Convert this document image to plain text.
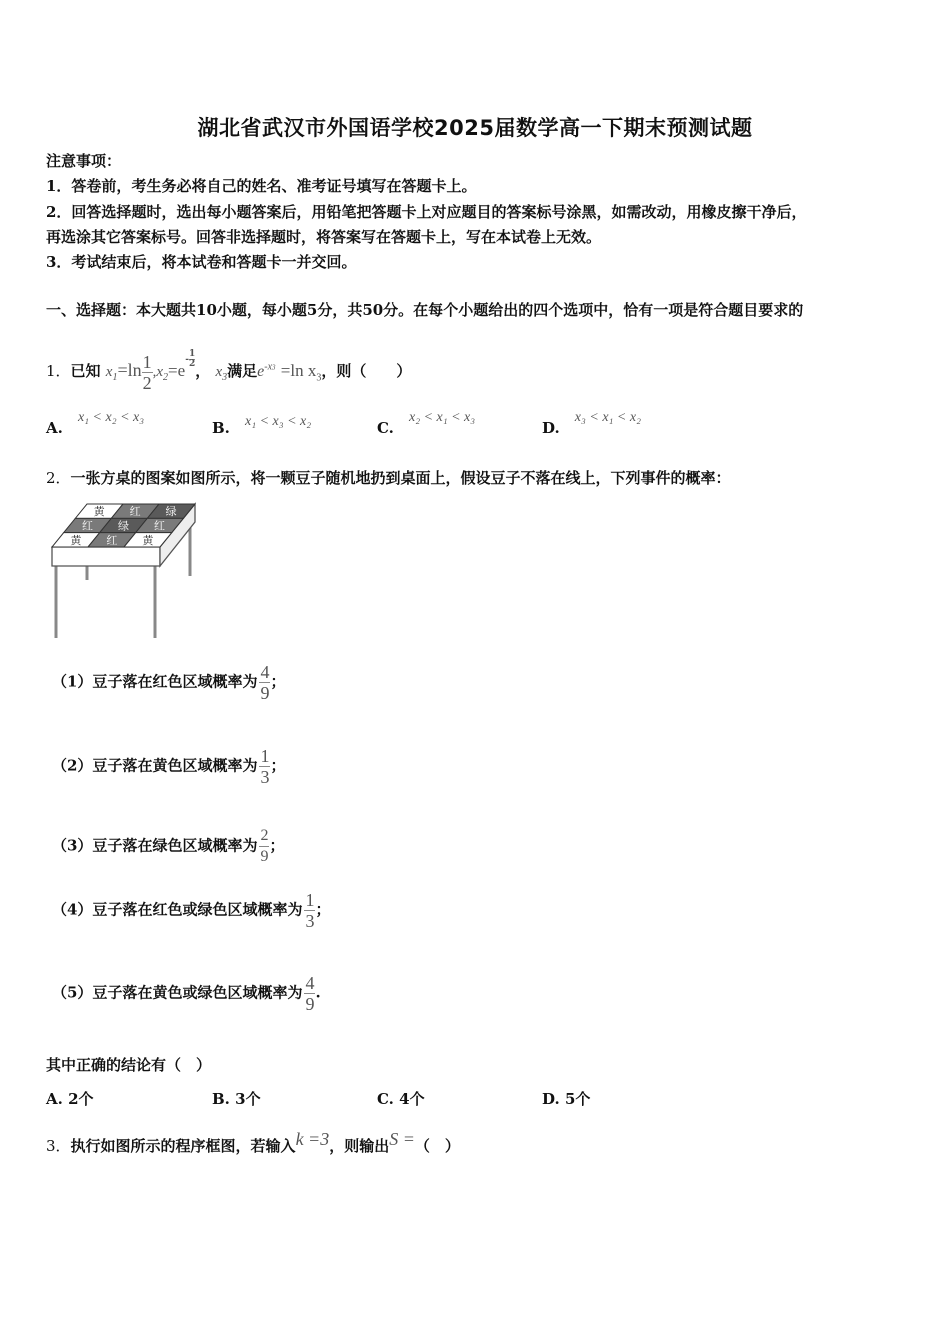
湖北省武汉市外国语学校2025届数学高一下期末预测试题
注意事项：
1．答卷前，考生务必将自己的姓名、准考证号填写在答题卡上。
2．回答选择题时，选出每小题答案后，用铅笔把答题卡上对应题目的答案标号涂黑，如需改动，用橡皮擦干净后，
再选涂其它答案标号。回答非选择题时，将答案写在答题卡上，写在本试卷上无效。
3．考试结束后，将本试卷和答题卡一并交回。
一、选择题：本大题共10小题，每小题5分，共50分。在每个小题给出的四个选项中，恰有一项是符合题目要求的
1．已知 $x_1=\ln \frac{1}{2} ,x_2=e- \frac{1}{2}$
， $x_3$满足$e^{-x3} =\ln$ $x_3$，则（　　）
A. x₁ < x₂ < x₃
B. x₁ < x₃ < x₂	C. x₂ < x₁ < x₃
D. x₃ < x₁ < x₂
2．一张方桌的图案如图所示，将一颗豆子随机地扔到桌面上，假设豆子不落在线上，下列事件的概率：
黄 红 绿
红 绿 红
黄 红 黄
（1）豆子落在红色区域概率为 $\frac{4}{9}$ ；
（2）豆子落在黄色区域概率为 $\frac{1}{3}$ ；
（3）豆子落在绿色区域概率为 $\frac{2}{9}$ ；
（4）豆子落在红色或绿色区域概率为 $\frac{1}{3}$ ；
（5）豆子落在黄色或绿色区域概率为 $\frac{4}{9}$ .
其中正确的结论有（　）
A. 2个	B. 3个	C. 4个	D. 5个
3．执行如图所示的程序框图，若输入k =3，则输出S =（　）
